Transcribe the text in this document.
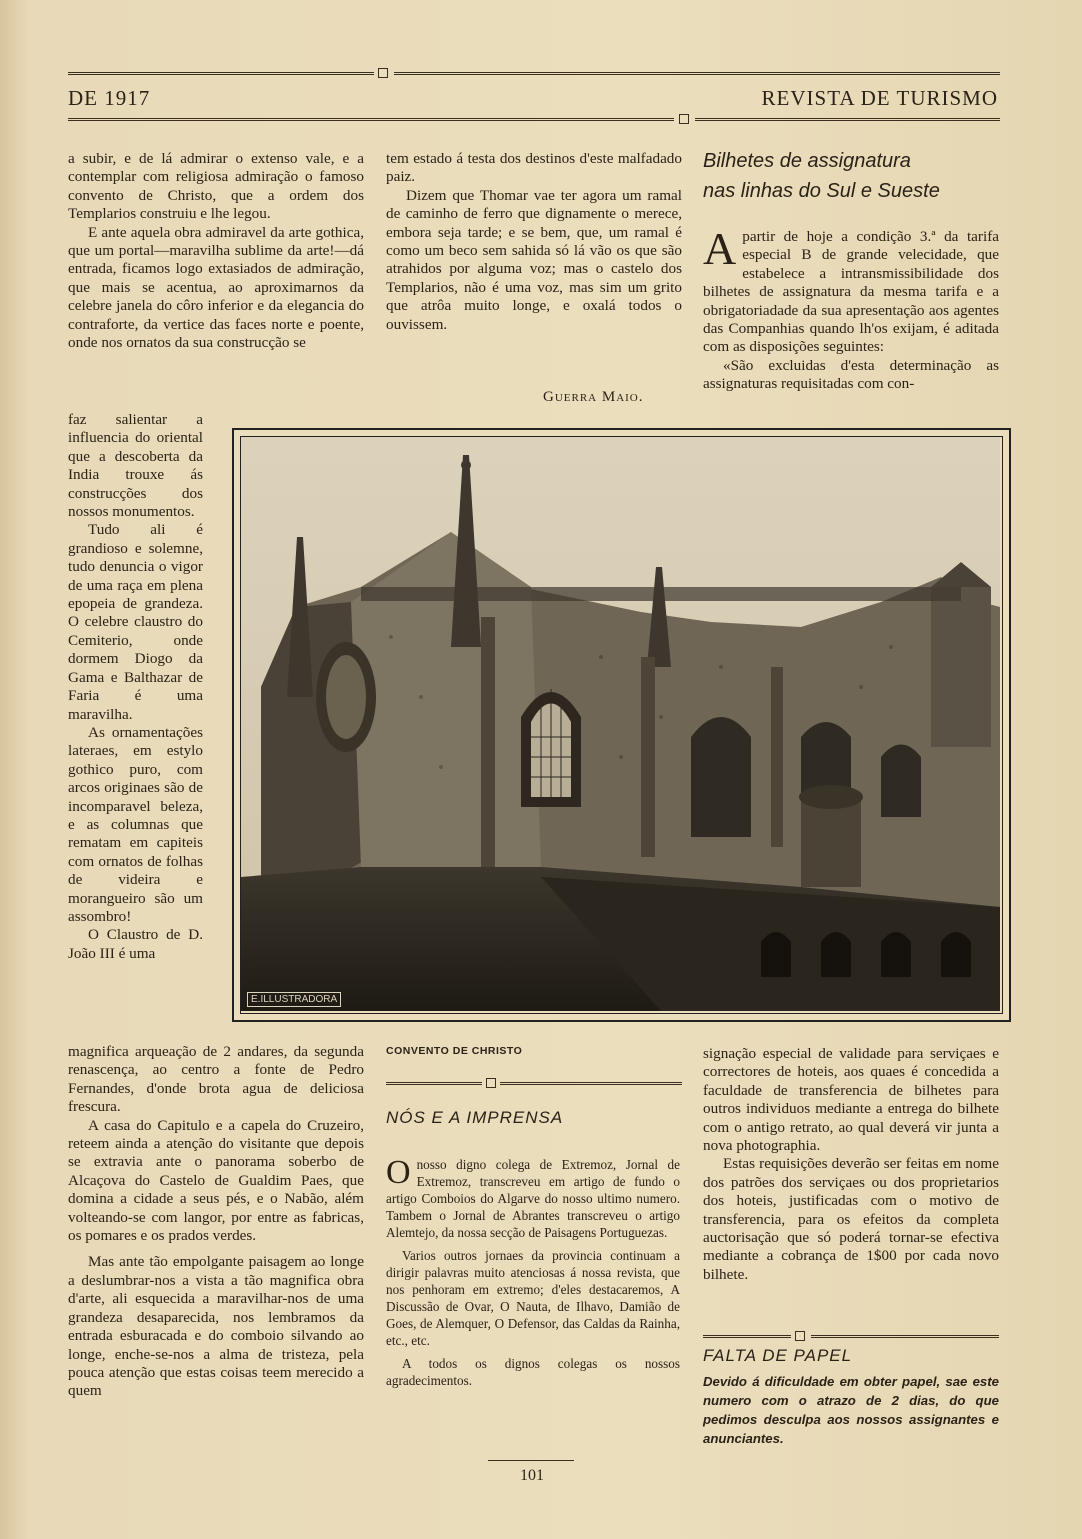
DE 1917	REVISTA DE TURISMO

a subir, e de lá admirar o extenso vale, e a contemplar com religiosa admiração o famoso convento de Christo, que a ordem dos Templarios construiu e lhe legou.

E ante aquela obra admiravel da arte gothica, que um portal—maravilha sublime da arte!—dá entrada, ficamos logo extasiados de admiração, que mais se acentua, ao aproximarnos da celebre janela do côro inferior e da elegancia do contraforte, da vertice das faces norte e poente, onde nos ornatos da sua construcção se

faz salientar a influencia do oriental que a descoberta da India trouxe ás construcções dos nossos monumentos.

Tudo ali é grandioso e solemne, tudo denuncia o vigor de uma raça em plena epopeia de grandeza. O celebre claustro do Cemiterio, onde dormem Diogo da Gama e Balthazar de Faria é uma maravilha.

As ornamentações lateraes, em estylo gothico puro, com arcos originaes são de incomparavel beleza, e as columnas que rematam em capiteis com ornatos de folhas de videira e morangueiro são um assombro!

O Claustro de D. João III é uma

magnifica arqueação de 2 andares, da segunda renascença, ao centro a fonte de Pedro Fernandes, d'onde brota agua de deliciosa frescura.

A casa do Capitulo e a capela do Cruzeiro, reteem ainda a atenção do visitante que depois se extravia ante o panorama soberbo de Alcaçova do Castelo de Gualdim Paes, que domina a cidade a seus pés, e o Nabão, além volteando-se com langor, por entre as fabricas, os pomares e os prados verdes.

Mas ante tão empolgante paisagem ao longe a deslumbrar-nos a vista a tão magnifica obra d'arte, ali esquecida a maravilhar-nos de uma grandeza desaparecida, nos lembramos da entrada esburacada e do comboio silvando ao longe, enche-se-nos a alma de tristeza, pela pouca atenção que estas coisas teem merecido a quem

tem estado á testa dos destinos d'este malfadado paiz.

Dizem que Thomar vae ter agora um ramal de caminho de ferro que dignamente o merece, embora seja tarde; e se bem, que, um ramal é como um beco sem sahida só lá vão os que são atrahidos por alguma voz; mas o castelo dos Templarios, não é uma voz, mas sim um grito que atrôa muito longe, e oxalá todos o ouvissem.

Guerra Maio.
Bilhetes de assignatura
nas linhas do Sul e Sueste

Apartir de hoje a condição 3.ª da tarifa especial B de grande velecidade, que estabelece a intransmissibilidade dos bilhetes de assignatura da mesma tarifa e a obrigatoriadade da sua apresentação aos agentes das Companhias quando lh'os exijam, é aditada com as disposições seguintes:

«São excluidas d'esta determinação as assignaturas requisitadas com con-

E.ILLUSTRADORA
CONVENTO DE CHRISTO
NÓS E A IMPRENSA

Onosso digno colega de Extremoz, Jornal de Extremoz, transcreveu em artigo de fundo o artigo Comboios do Algarve do nosso ultimo numero. Tambem o Jornal de Abrantes transcreveu o artigo Alemtejo, da nossa secção de Paisagens Portuguezas.

Varios outros jornaes da provincia continuam a dirigir palavras muito atenciosas á nossa revista, que nos penhoram em extremo; d'eles destacaremos, A Discussão de Ovar, O Nauta, de Ilhavo, Damião de Goes, de Alemquer, O Defensor, das Caldas da Rainha, etc., etc.

A todos os dignos colegas os nossos agradecimentos.

signação especial de validade para serviçaes e correctores de hoteis, aos quaes é concedida a faculdade de transferencia de bilhetes para outros individuos mediante a entrega do bilhete com o antigo retrato, ao qual deverá vir junta a nova photographia.

Estas requisições deverão ser feitas em nome dos patrões dos serviçaes ou dos proprietarios dos hoteis, justificadas com o motivo de transferencia, para os efeitos da completa auctorisação que só poderá tornar-se efectiva mediante a cobrança de 1$00 por cada novo bilhete.

FALTA DE PAPEL
Devido á dificuldade em obter papel, sae este numero com o atrazo de 2 dias, do que pedimos desculpa aos nossos assignantes e anunciantes.
101
